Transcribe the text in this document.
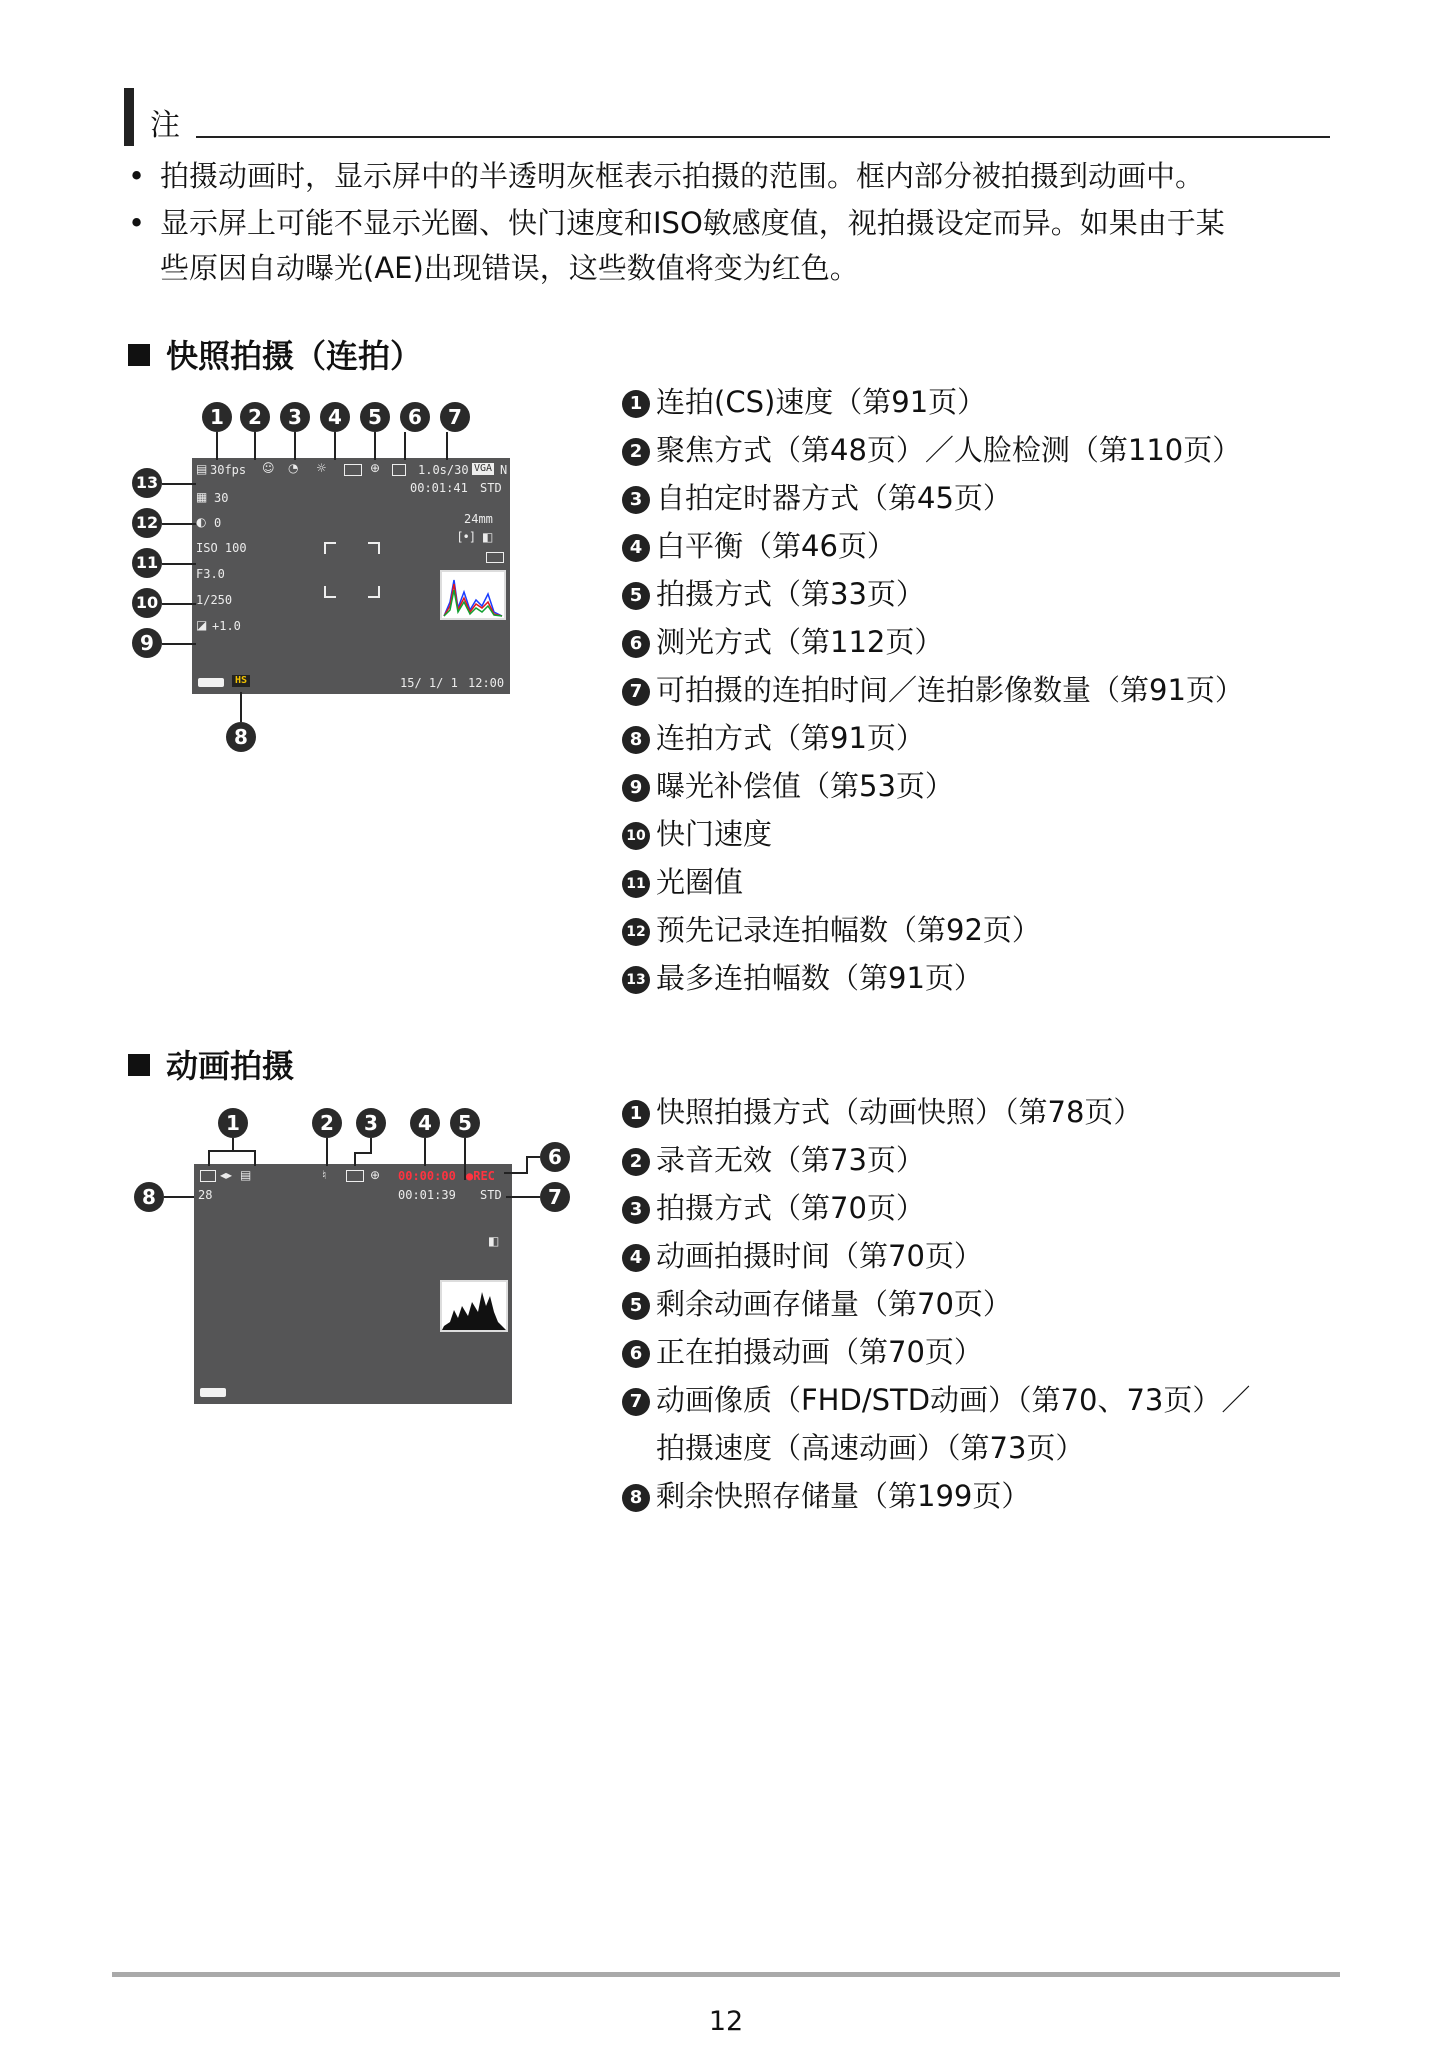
注
• 拍摄动画时，显示屏中的半透明灰框表示拍摄的范围。框内部分被拍摄到动画中。
• 显示屏上可能不显示光圈、快门速度和ISO敏感度值，视拍摄设定而异。如果由于某
些原因自动曝光(AE)出现错误，这些数值将变为红色。
快照拍摄（连拍）
▤ 30fps ☺ ◔ ☼	⊕	1.0s/30 VGA N
00:01:41 STD
▦ 30
◐ 0
ISO 100
F3.0
1/250
◪ +1.0
24mm
[•] ◧
HS	15/ 1/ 1 12:00
1	2	3	4	5	6	7
13
12
11
10
9
8
1 连拍(CS)速度（第91页）
2 聚焦方式（第48页）／人脸检测（第110页）
3 自拍定时器方式（第45页）
4 白平衡（第46页）
5 拍摄方式（第33页）
6 测光方式（第112页）
7 可拍摄的连拍时间／连拍影像数量（第91页）
8 连拍方式（第91页）
9 曝光补偿值（第53页）
10 快门速度
11 光圈值
12 预先记录连拍幅数（第92页）
13 最多连拍幅数（第91页）
动画拍摄
◂▸ ▤	♮	⊕ 00:00:00 ●REC
28	00:01:39 STD
◧
1	2	3	4	5
6
7
8
1 快照拍摄方式（动画快照）（第78页）
2 录音无效（第73页）
3 拍摄方式（第70页）
4 动画拍摄时间（第70页）
5 剩余动画存储量（第70页）
6 正在拍摄动画（第70页）
7 动画像质（FHD/STD动画）（第70、73页）／
拍摄速度（高速动画）（第73页）
8 剩余快照存储量（第199页）
12
